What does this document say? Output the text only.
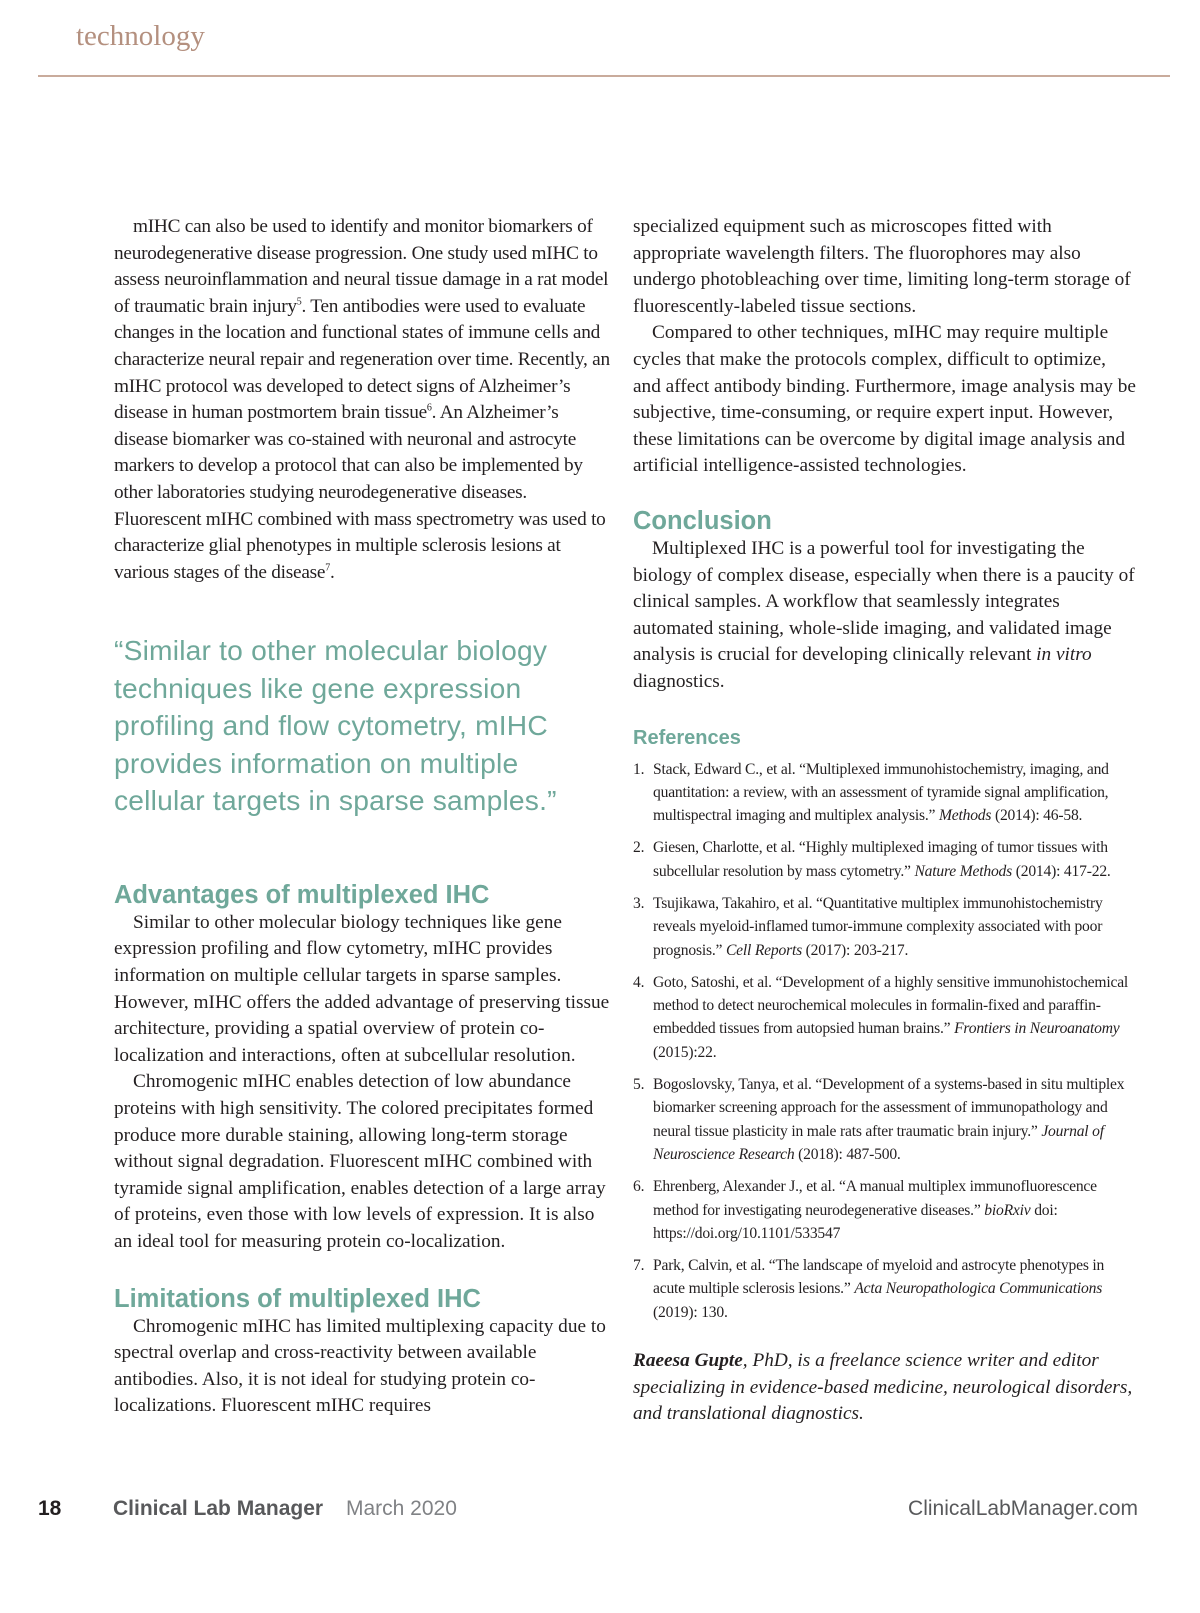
technology

mIHC can also be used to identify and monitor biomarkers of neurodegenerative disease progression. One study used mIHC to assess neuroinflammation and neural tissue damage in a rat model of traumatic brain injury$^5$. Ten antibodies were used to evaluate changes in the location and functional states of immune cells and characterize neural repair and regeneration over time. Recently, an mIHC protocol was developed to detect signs of Alzheimer’s disease in human postmortem brain tissue$^6$. An Alzheimer’s disease biomarker was co-stained with neuronal and astrocyte markers to develop a protocol that can also be implemented by other laboratories studying neurodegenerative diseases. Fluorescent mIHC combined with mass spectrometry was used to characterize glial phenotypes in multiple sclerosis lesions at various stages of the disease$^7$.

“Similar to other molecular biology techniques like gene expression profiling and flow cytometry, mIHC provides information on multiple cellular targets in sparse samples.”

Advantages of multiplexed IHC

Similar to other molecular biology techniques like gene expression profiling and flow cytometry, mIHC provides information on multiple cellular targets in sparse samples. However, mIHC offers the added advantage of preserving tissue architecture, providing a spatial overview of protein co-localization and interactions, often at subcellular resolution.

Chromogenic mIHC enables detection of low abundance proteins with high sensitivity. The colored precipitates formed produce more durable staining, allowing long-term storage without signal degradation. Fluorescent mIHC combined with tyramide signal amplification, enables detection of a large array of proteins, even those with low levels of expression. It is also an ideal tool for measuring protein co-localization.

Limitations of multiplexed IHC

Chromogenic mIHC has limited multiplexing capacity due to spectral overlap and cross-reactivity between available antibodies. Also, it is not ideal for studying protein co-localizations. Fluorescent mIHC requires

specialized equipment such as microscopes fitted with appropriate wavelength filters. The fluorophores may also undergo photobleaching over time, limiting long-term storage of fluorescently-labeled tissue sections.

Compared to other techniques, mIHC may require multiple cycles that make the protocols complex, difficult to optimize, and affect antibody binding. Furthermore, image analysis may be subjective, time-consuming, or require expert input. However, these limitations can be overcome by digital image analysis and artificial intelligence-assisted technologies.

Conclusion

Multiplexed IHC is a powerful tool for investigating the biology of complex disease, especially when there is a paucity of clinical samples. A workflow that seamlessly integrates automated staining, whole-slide imaging, and validated image analysis is crucial for developing clinically relevant in vitro diagnostics.

References
1. Stack, Edward C., et al. “Multiplexed immunohistochemistry, imaging, and quantitation: a review, with an assessment of tyramide signal amplification, multispectral imaging and multiplex analysis.” Methods (2014): 46-58.
2. Giesen, Charlotte, et al. “Highly multiplexed imaging of tumor tissues with subcellular resolution by mass cytometry.” Nature Methods (2014): 417-22.
3. Tsujikawa, Takahiro, et al. “Quantitative multiplex immunohistochemistry reveals myeloid-inflamed tumor-immune complexity associated with poor prognosis.” Cell Reports (2017): 203-217.
4. Goto, Satoshi, et al. “Development of a highly sensitive immunohistochemical method to detect neurochemical molecules in formalin-fixed and paraffin-embedded tissues from autopsied human brains.” Frontiers in Neuroanatomy (2015):22.
5. Bogoslovsky, Tanya, et al. “Development of a systems-based in situ multiplex biomarker screening approach for the assessment of immunopathology and neural tissue plasticity in male rats after traumatic brain injury.” Journal of Neuroscience Research (2018): 487-500.
6. Ehrenberg, Alexander J., et al. “A manual multiplex immunofluorescence method for investigating neurodegenerative diseases.” bioRxiv doi: https://doi.org/10.1101/533547
7. Park, Calvin, et al. “The landscape of myeloid and astrocyte phenotypes in acute multiple sclerosis lesions.” Acta Neuropathologica Communications (2019): 130.

Raeesa Gupte, PhD, is a freelance science writer and editor specializing in evidence-based medicine, neurological disorders, and translational diagnostics.

18 Clinical Lab Manager March 2020	ClinicalLabManager.com
